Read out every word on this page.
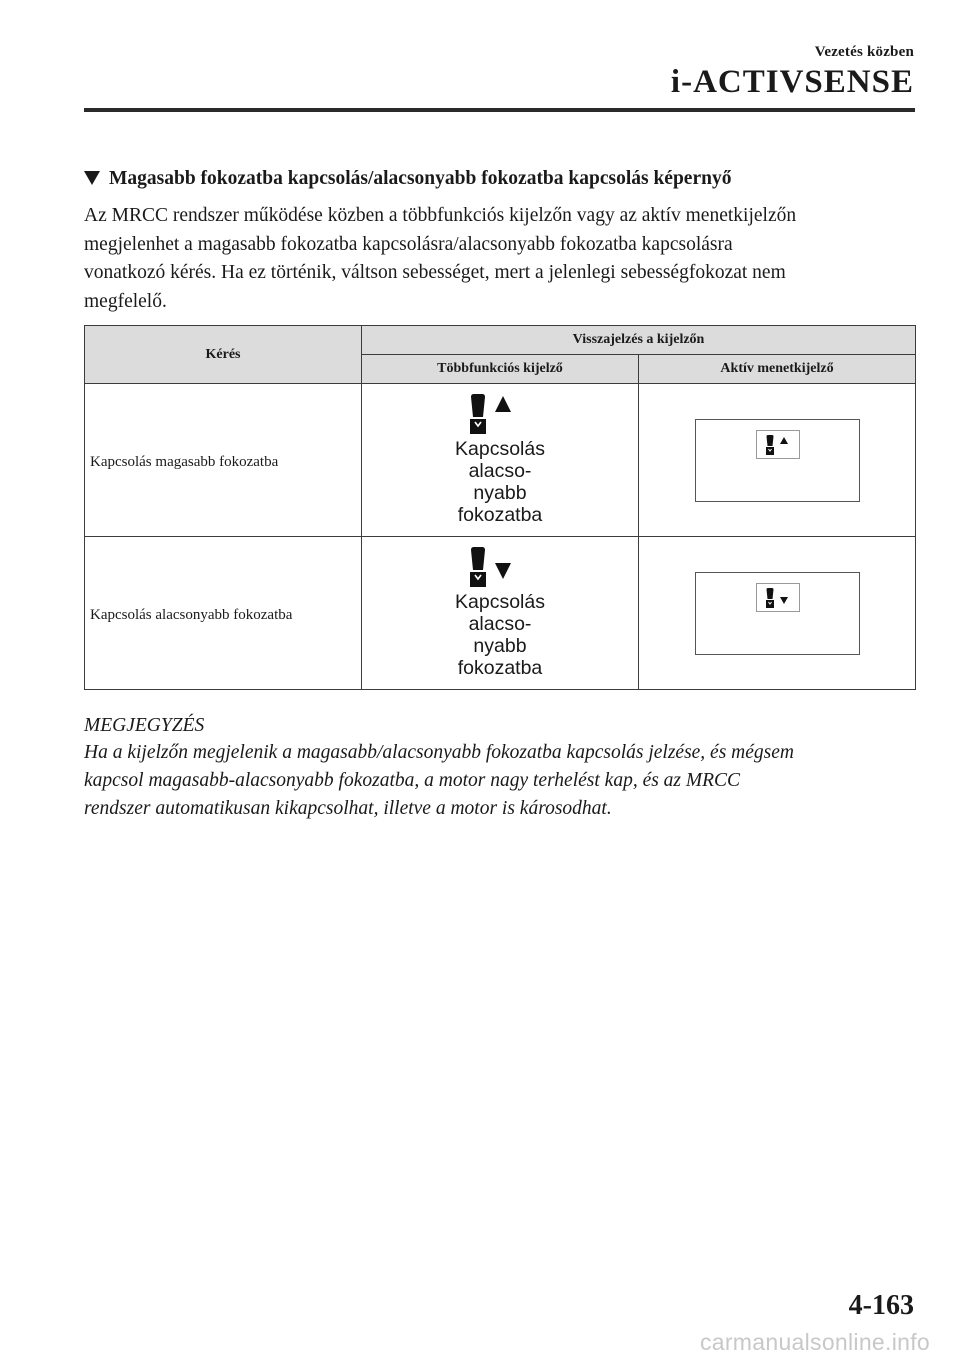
Vezetés közben
i-ACTIVSENSE
Magasabb fokozatba kapcsolás/alacsonyabb fokozatba kapcsolás képernyő

Az MRCC rendszer működése közben a többfunkciós kijelzőn vagy az aktív menetkijelzőn
megjelenhet a magasabb fokozatba kapcsolásra/alacsonyabb fokozatba kapcsolásra
vonatkozó kérés. Ha ez történik, váltson sebességet, mert a jelenlegi sebességfokozat nem
megfelelő.

Kérés	Visszajelzés a kijelzőn	
	Többfunkciós kijelző	Aktív menetkijelző
Kapcsolás magasabb fokozatba	Kapcsolás
alacso-
nyabb
fokozatba

Kapcsolás alacsonyabb fokozatba	Kapcsolás
alacso-
nyabb
fokozatba

MEGJEGYZÉS

Ha a kijelzőn megjelenik a magasabb/alacsonyabb fokozatba kapcsolás jelzése, és mégsem
kapcsol magasabb-alacsonyabb fokozatba, a motor nagy terhelést kap, és az MRCC
rendszer automatikusan kikapcsolhat, illetve a motor is károsodhat.

4-163
carmanualsonline.info
